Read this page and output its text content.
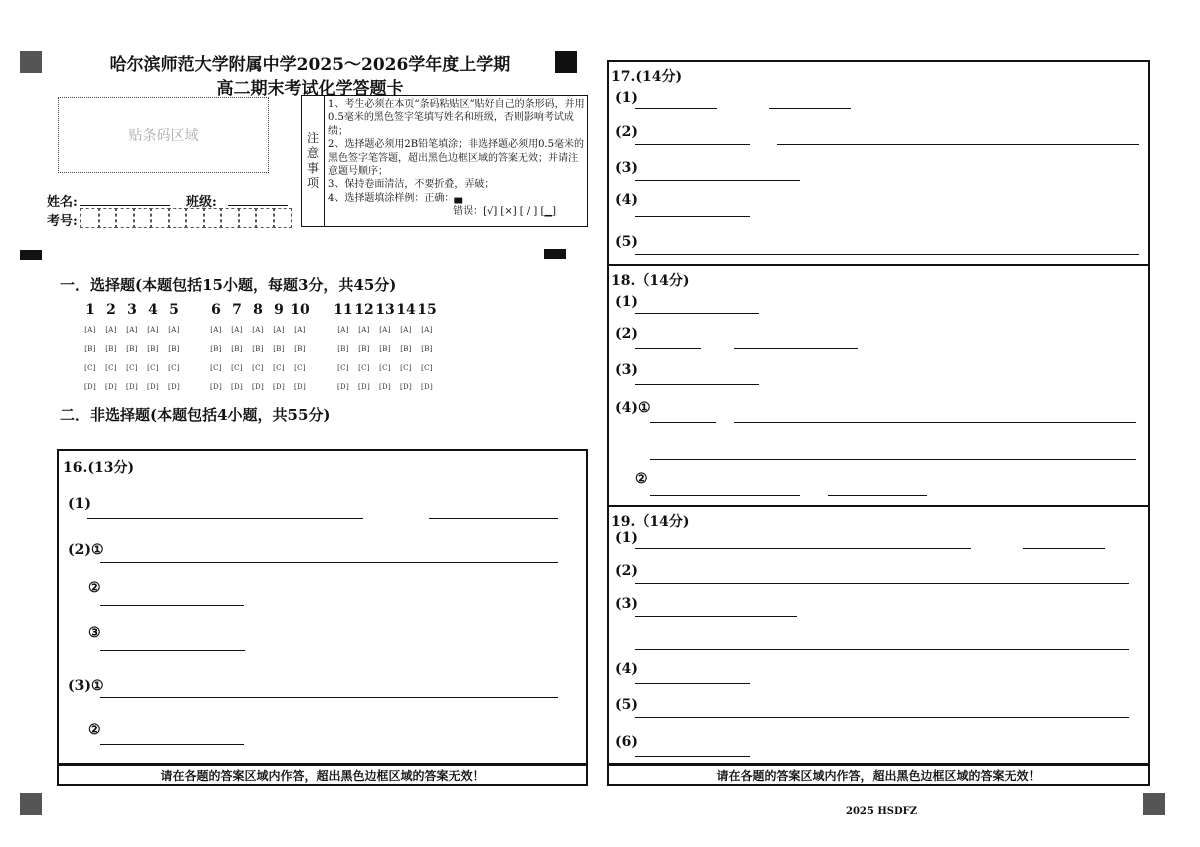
哈尔滨师范大学附属中学2025～2026学年度上学期
高二期末考试化学答题卡
贴条码区域	注
意
事
项
1、考生必须在本页“条码粘贴区”贴好自己的条形码，并用0.5毫米的黑色签字笔填写姓名和班级，否则影响考试成绩；
2、选择题必须用2B铅笔填涂；非选择题必须用0.5毫米的黑色签字笔答题，超出黑色边框区域的答案无效；并请注意题号顺序；
3、保持卷面清洁，不要折叠，弄破；
4、选择题填涂样例：正确：▄
错误：[√] [×] [ / ] [▁]
姓名:	班级:
考号:
一．选择题(本题包括15小题，每题3分，共45分)
1
[A]
[B]
[C]
[D]
2
[A]
[B]
[C]
[D]
3
[A]
[B]
[C]
[D]
4
[A]
[B]
[C]
[D]
5
[A]
[B]
[C]
[D]
6
[A]
[B]
[C]
[D]
7
[A]
[B]
[C]
[D]
8
[A]
[B]
[C]
[D]
9
[A]
[B]
[C]
[D]
10
[A]
[B]
[C]
[D]
11
[A]
[B]
[C]
[D]
12
[A]
[B]
[C]
[D]
13
[A]
[B]
[C]
[D]
14
[A]
[B]
[C]
[D]
15
[A]
[B]
[C]
[D]
二．非选择题(本题包括4小题，共55分)
16.(13分)
(1)
(2)①
②
③
(3)①
②
请在各题的答案区域内作答，超出黑色边框区域的答案无效！
17.(14分)
(1)
(2)
(3)
(4)
(5)
18.（14分)
(1)
(2)
(3)
(4)①
②
19.（14分)
(1)
(2)
(3)
(4)
(5)
(6)
请在各题的答案区域内作答，超出黑色边框区域的答案无效！
2025 HSDFZ
